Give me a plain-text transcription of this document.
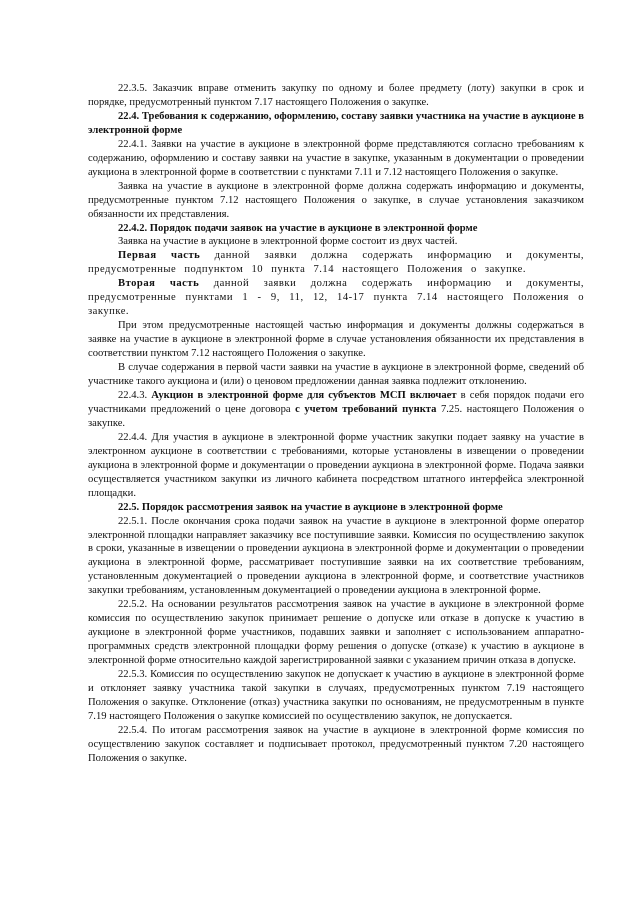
22.3.5. Заказчик вправе отменить закупку по одному и более предмету (лоту) закупки в срок и порядке, предусмотренный пунктом 7.17 настоящего Положения о закупке.

22.4. Требования к содержанию, оформлению, составу заявки участника на участие в аукционе в электронной форме

22.4.1. Заявки на участие в аукционе в электронной форме представляются согласно требованиям к содержанию, оформлению и составу заявки на участие в закупке, указанным в документации о проведении аукциона в электронной форме в соответствии с пунктами 7.11 и 7.12 настоящего Положения о закупке.

Заявка на участие в аукционе в электронной форме должна содержать информацию и документы, предусмотренные пунктом 7.12 настоящего Положения о закупке, в случае установления заказчиком обязанности их представления.

22.4.2. Порядок подачи заявок на участие в аукционе в электронной форме

Заявка на участие в аукционе в электронной форме состоит из двух частей.

Первая часть данной заявки должна содержать информацию и документы, предусмотренные подпунктом 10 пункта 7.14 настоящего Положения о закупке.

Вторая часть данной заявки должна содержать информацию и документы, предусмотренные пунктами 1 - 9, 11, 12, 14-17 пункта 7.14 настоящего Положения о закупке.

При этом предусмотренные настоящей частью информация и документы должны содержаться в заявке на участие в аукционе в электронной форме в случае установления обязанности их представления в соответствии пунктом 7.12 настоящего Положения о закупке.

В случае содержания в первой части заявки на участие в аукционе в электронной форме, сведений об участнике такого аукциона и (или) о ценовом предложении данная заявка подлежит отклонению.

22.4.3. Аукцион в электронной форме для субъектов МСП включает в себя порядок подачи его участниками предложений о цене договора с учетом требований пункта 7.25. настоящего Положения о закупке.

22.4.4. Для участия в аукционе в электронной форме участник закупки подает заявку на участие в электронном аукционе в соответствии с требованиями, которые установлены в извещении о проведении аукциона в электронной форме и документации о проведении аукциона в электронной форме. Подача заявки осуществляется участником закупки из личного кабинета посредством штатного интерфейса электронной площадки.

22.5. Порядок рассмотрения заявок на участие в аукционе в электронной форме

22.5.1. После окончания срока подачи заявок на участие в аукционе в электронной форме оператор электронной площадки направляет заказчику все поступившие заявки. Комиссия по осуществлению закупок в сроки, указанные в извещении о проведении аукциона в электронной форме и документации о проведении аукциона в электронной форме, рассматривает поступившие заявки на их соответствие требованиям, установленным документацией о проведении аукциона в электронной форме, и соответствие участников закупки требованиям, установленным документацией о проведении аукциона в электронной форме.

22.5.2. На основании результатов рассмотрения заявок на участие в аукционе в электронной форме комиссия по осуществлению закупок принимает решение о допуске или отказе в допуске к участию в аукционе в электронной форме участников, подавших заявки и заполняет с использованием аппаратно-программных средств электронной площадки форму решения о допуске (отказе) к участию в аукционе в электронной форме относительно каждой зарегистрированной заявки с указанием причин отказа в допуске.

22.5.3. Комиссия по осуществлению закупок не допускает к участию в аукционе в электронной форме и отклоняет заявку участника такой закупки в случаях, предусмотренных пунктом 7.19 настоящего Положения о закупке. Отклонение (отказ) участника закупки по основаниям, не предусмотренным в пункте 7.19 настоящего Положения о закупке комиссией по осуществлению закупок, не допускается.

22.5.4. По итогам рассмотрения заявок на участие в аукционе в электронной форме комиссия по осуществлению закупок составляет и подписывает протокол, предусмотренный пунктом 7.20 настоящего Положения о закупке.
